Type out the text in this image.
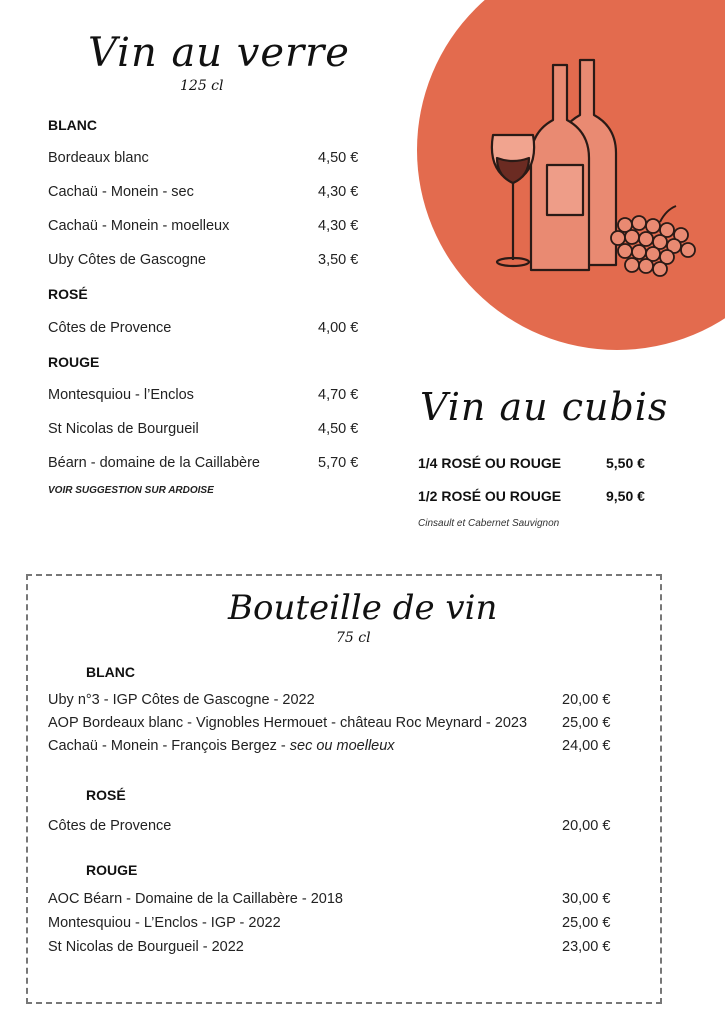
Vin au verre
125 cl
BLANC
Bordeaux blanc	4,50 €
Cachaü - Monein - sec	4,30 €
Cachaü - Monein - moelleux	4,30 €
Uby Côtes de Gascogne	3,50 €
ROSÉ
Côtes de Provence	4,00 €
ROUGE
Montesquiou - l’Enclos	4,70 €
St Nicolas de Bourgueil	4,50 €
Béarn - domaine de la Caillabère	5,70 €
VOIR SUGGESTION SUR ARDOISE
Vin au cubis
1/4 ROSÉ OU ROUGE	5,50 €
1/2 ROSÉ OU ROUGE	9,50 €
Cinsault et Cabernet Sauvignon
Bouteille de vin
75 cl
BLANC
Uby n°3 - IGP Côtes de Gascogne - 2022	20,00 €
AOP Bordeaux blanc - Vignobles Hermouet - château Roc Meynard - 2023 25,00 €
Cachaü - Monein - François Bergez - sec ou moelleux	24,00 €
ROSÉ
Côtes de Provence	20,00 €
ROUGE
AOC Béarn - Domaine de la Caillabère - 2018	30,00 €
Montesquiou - L’Enclos - IGP - 2022	25,00 €
St Nicolas de Bourgueil - 2022	23,00 €
